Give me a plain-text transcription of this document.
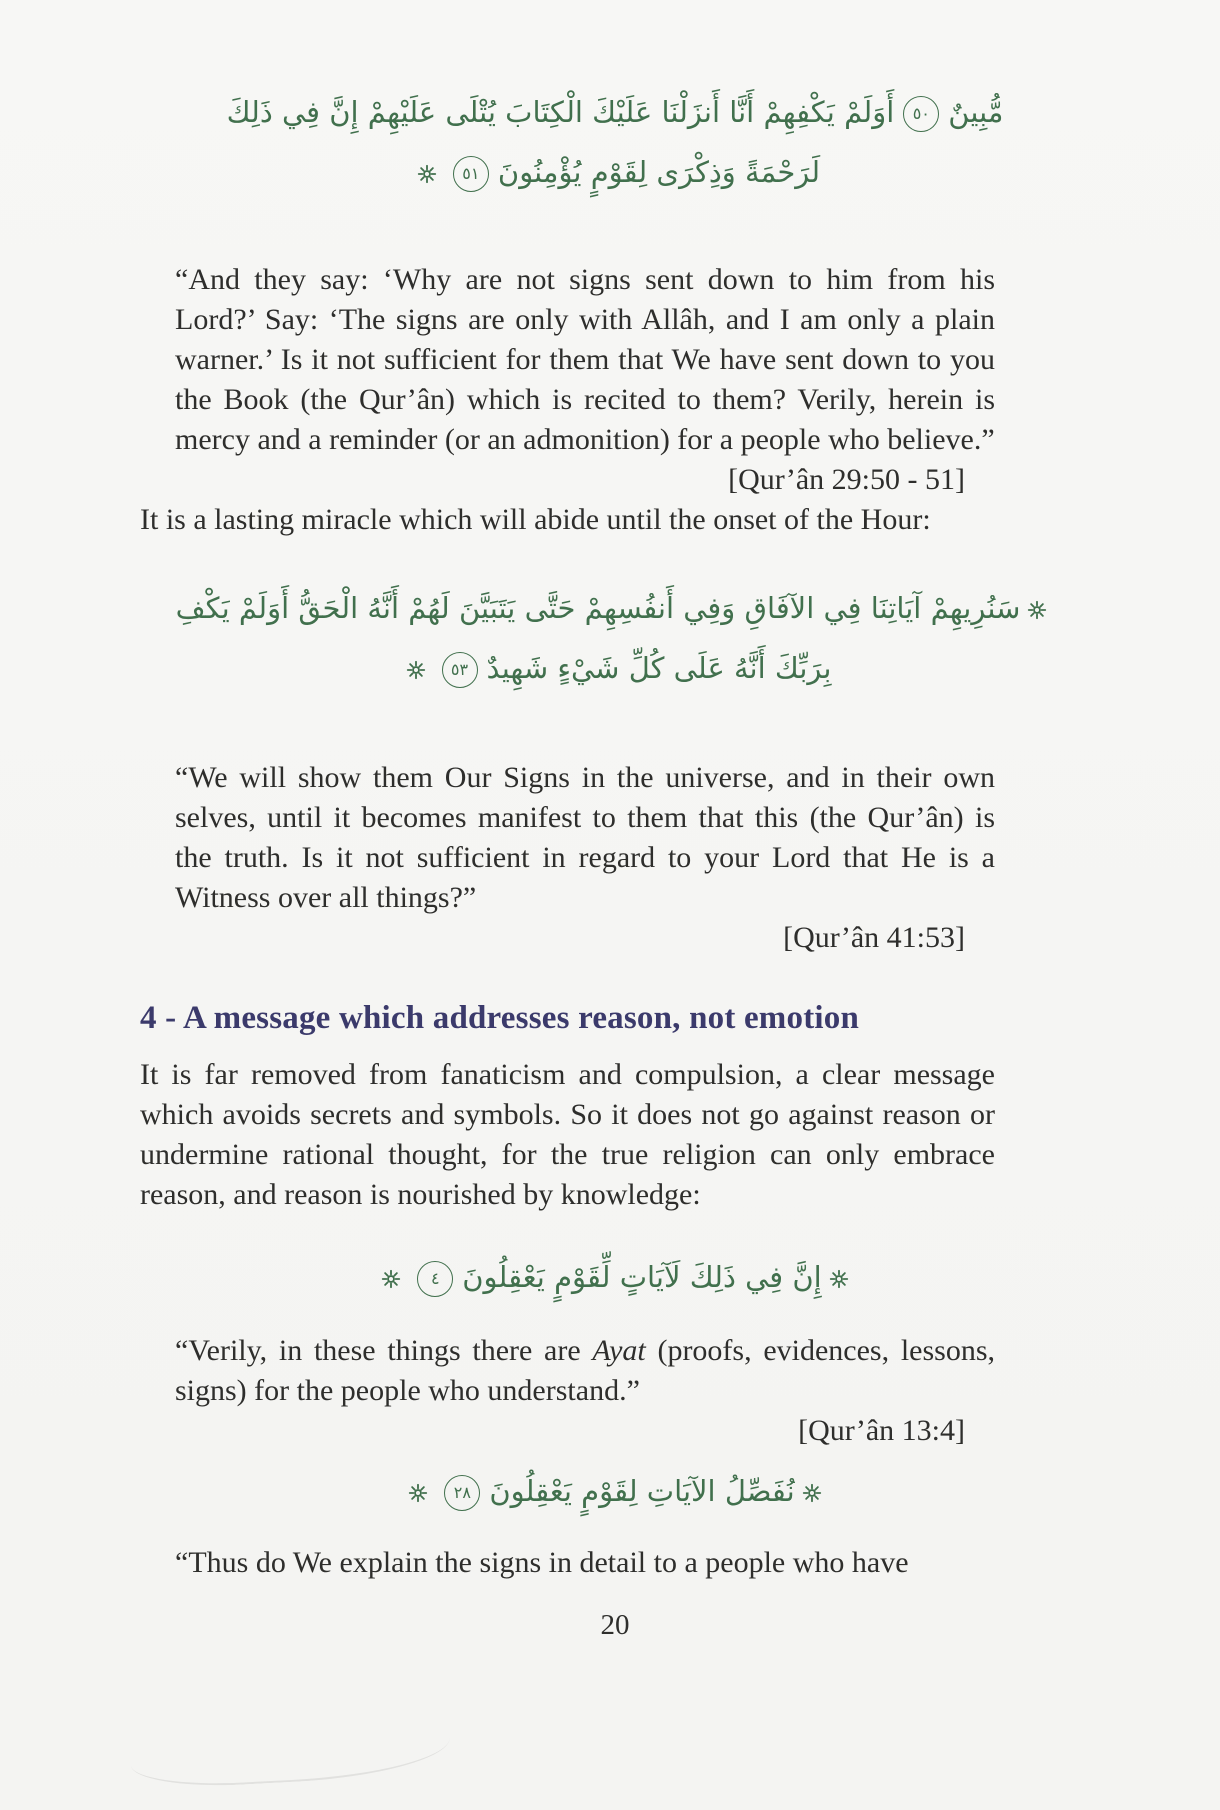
مُّبِينٌ٥٠أَوَلَمْ يَكْفِهِمْ أَنَّا أَنزَلْنَا عَلَيْكَ الْكِتَابَ يُتْلَى عَلَيْهِمْ إِنَّ فِي ذَلِكَ
لَرَحْمَةً وَذِكْرَى لِقَوْمٍ يُؤْمِنُونَ٥١

“And they say: ‘Why are not signs sent down to him from his Lord?’ Say: ‘The signs are only with Allâh, and I am only a plain warner.’ Is it not sufficient for them that We have sent down to you the Book (the Qur’ân) which is recited to them? Verily, herein is mercy and a reminder (or an admonition) for a people who believe.”

[Qur’ân 29:50 - 51]

It is a lasting miracle which will abide until the onset of the Hour:

سَنُرِيهِمْ آيَاتِنَا فِي الآفَاقِ وَفِي أَنفُسِهِمْ حَتَّى يَتَبَيَّنَ لَهُمْ أَنَّهُ الْحَقُّ أَوَلَمْ يَكْفِ
بِرَبِّكَ أَنَّهُ عَلَى كُلِّ شَيْءٍ شَهِيدٌ٥٣

“We will show them Our Signs in the universe, and in their own selves, until it becomes manifest to them that this (the Qur’ân) is the truth. Is it not sufficient in regard to your Lord that He is a Witness over all things?”

[Qur’ân 41:53]

4 - A message which addresses reason, not emotion

It is far removed from fanaticism and compulsion, a clear message which avoids secrets and symbols. So it does not go against reason or undermine rational thought, for the true religion can only embrace reason, and reason is nourished by knowledge:

إِنَّ فِي ذَلِكَ لَآيَاتٍ لِّقَوْمٍ يَعْقِلُونَ٤

“Verily, in these things there are Ayat (proofs, evidences, lessons, signs) for the people who understand.”

[Qur’ân 13:4]

نُفَصِّلُ الآيَاتِ لِقَوْمٍ يَعْقِلُونَ٢٨

“Thus do We explain the signs in detail to a people who have

20
